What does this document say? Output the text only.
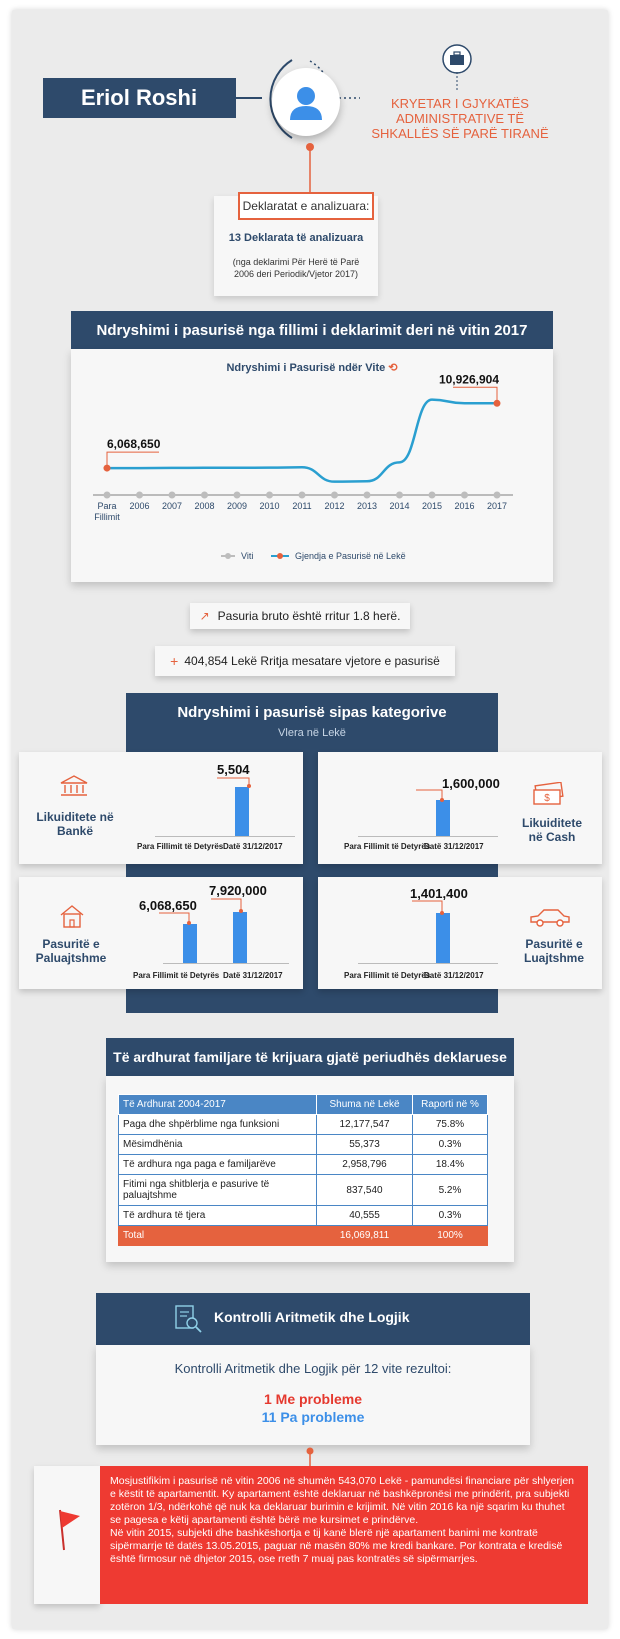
Eriol Roshi	KRYETAR I GJYKATËS ADMINISTRATIVE TË SHKALLËS SË PARË TIRANË
Deklaratat e analizuara:
13 Deklarata të analizuara
(nga deklarimi Për Herë të Parë 2006 deri Periodik/Vjetor 2017)
Ndryshimi i pasurisë nga fillimi i deklarimit deri në vitin 2017
Ndryshimi i Pasurisë ndër Vite ⟲
Para
Fillimit
2006 2007 2008 2009 2010 2011 2012 2013 2014 2015 2016 2017
6,068,650
10,926,904
Viti	Gjendja e Pasurisë në Lekë
↗ Pasuria bruto është rritur 1.8 herë.
+ 404,854 Lekë Rritja mesatare vjetore e pasurisë
Ndryshimi i pasurisë sipas kategorive
Vlera në Lekë
Likuiditete në Bankë
5,504
Para Fillimit të Detyrës Datë 31/12/2017
$
Likuiditete në Cash
1,600,000
Para Fillimit të Detyrës
Datë 31/12/2017
Pasuritë e Paluajtshme
6,068,650
7,920,000
Para Fillimit të Detyrës Datë 31/12/2017
Pasuritë e Luajtshme
1,401,400
Para Fillimit të Detyrës
Datë 31/12/2017
Të ardhurat familjare të krijuara gjatë periudhës deklaruese
Të Ardhurat 2004-2017	Shuma në Lekë	Raporti në %
Paga dhe shpërblime nga funksioni	12,177,547	75.8%
Mësimdhënia	55,373	0.3%
Të ardhura nga paga e familjarëve	2,958,796	18.4%
Fitimi nga shitblerja e pasurive të paluajtshme	837,540	5.2%
Të ardhura të tjera	40,555	0.3%
Total	16,069,811	100%
Kontrolli Aritmetik dhe Logjik
Kontrolli Aritmetik dhe Logjik për 12 vite rezultoi:
1 Me probleme
11 Pa probleme
Mosjustifikim i pasurisë në vitin 2006 në shumën 543,070 Lekë - pamundësi financiare për shlyerjen e këstit të apartamentit. Ky apartament është deklaruar në bashkëpronësi me prindërit, pra subjekti zotëron 1/3, ndërkohë që nuk ka deklaruar burimin e krijimit. Në vitin 2016 ka një sqarim ku thuhet se pagesa e këtij apartamenti është bërë me kursimet e prindërve.
Në vitin 2015, subjekti dhe bashkëshortja e tij kanë blerë një apartament banimi me kontratë sipërmarrje të datës 13.05.2015, paguar në masën 80% me kredi bankare. Por kontrata e kredisë është firmosur në dhjetor 2015, ose rreth 7 muaj pas kontratës së sipërmarrjes.
